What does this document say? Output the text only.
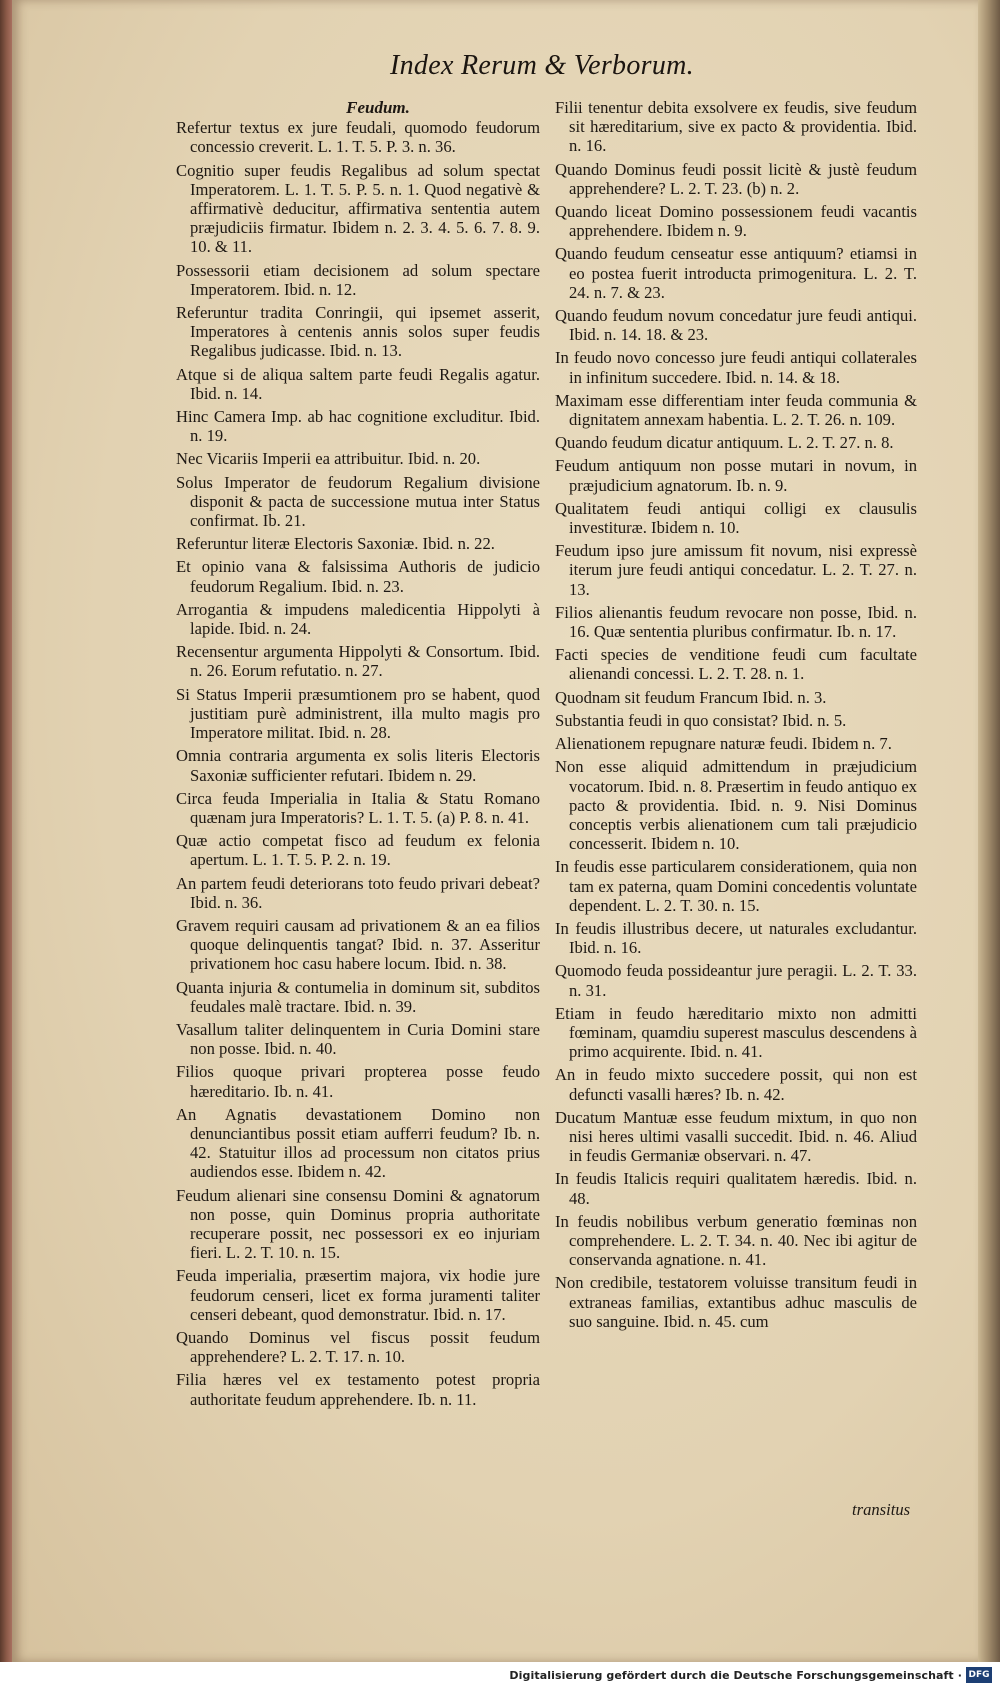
Index Rerum & Verborum.
Feudum.
Refertur textus ex jure feudali, quomodo feudorum concessio creverit. L. 1. T. 5. P. 3. n. 36.
Cognitio super feudis Regalibus ad solum spectat Imperatorem. L. 1. T. 5. P. 5. n. 1. Quod negativè & affirmativè deducitur, affirmativa sententia autem præjudiciis firmatur. Ibidem n. 2. 3. 4. 5. 6. 7. 8. 9. 10. & 11.
Possessorii etiam decisionem ad solum spectare Imperatorem. Ibid. n. 12.
Referuntur tradita Conringii, qui ipsemet asserit, Imperatores à centenis annis solos super feudis Regalibus judicasse. Ibid. n. 13.
Atque si de aliqua saltem parte feudi Regalis agatur. Ibid. n. 14.
Hinc Camera Imp. ab hac cognitione excluditur. Ibid. n. 19.
Nec Vicariis Imperii ea attribuitur. Ibid. n. 20.
Solus Imperator de feudorum Regalium divisione disponit & pacta de successione mutua inter Status confirmat. Ib. 21.
Referuntur literæ Electoris Saxoniæ. Ibid. n. 22.
Et opinio vana & falsissima Authoris de judicio feudorum Regalium. Ibid. n. 23.
Arrogantia & impudens maledicentia Hippolyti à lapide. Ibid. n. 24.
Recensentur argumenta Hippolyti & Consortum. Ibid. n. 26. Eorum refutatio. n. 27.
Si Status Imperii præsumtionem pro se habent, quod justitiam purè administrent, illa multo magis pro Imperatore militat. Ibid. n. 28.
Omnia contraria argumenta ex solis literis Electoris Saxoniæ sufficienter refutari. Ibidem n. 29.
Circa feuda Imperialia in Italia & Statu Romano quænam jura Imperatoris? L. 1. T. 5. (a) P. 8. n. 41.
Quæ actio competat fisco ad feudum ex felonia apertum. L. 1. T. 5. P. 2. n. 19.
An partem feudi deteriorans toto feudo privari debeat? Ibid. n. 36.
Gravem requiri causam ad privationem & an ea filios quoque delinquentis tangat? Ibid. n. 37. Asseritur privationem hoc casu habere locum. Ibid. n. 38.
Quanta injuria & contumelia in dominum sit, subditos feudales malè tractare. Ibid. n. 39.
Vasallum taliter delinquentem in Curia Domini stare non posse. Ibid. n. 40.
Filios quoque privari propterea posse feudo hæreditario. Ib. n. 41.
An Agnatis devastationem Domino non denunciantibus possit etiam aufferri feudum? Ib. n. 42. Statuitur illos ad processum non citatos prius audiendos esse. Ibidem n. 42.
Feudum alienari sine consensu Domini & agnatorum non posse, quin Dominus propria authoritate recuperare possit, nec possessori ex eo injuriam fieri. L. 2. T. 10. n. 15.
Feuda imperialia, præsertim majora, vix hodie jure feudorum censeri, licet ex forma juramenti taliter censeri debeant, quod demonstratur. Ibid. n. 17.
Quando Dominus vel fiscus possit feudum apprehendere? L. 2. T. 17. n. 10.
Filia hæres vel ex testamento potest propria authoritate feudum apprehendere. Ib. n. 11.
Filii tenentur debita exsolvere ex feudis, sive feudum sit hæreditarium, sive ex pacto & providentia. Ibid. n. 16.
Quando Dominus feudi possit licitè & justè feudum apprehendere? L. 2. T. 23. (b) n. 2.
Quando liceat Domino possessionem feudi vacantis apprehendere. Ibidem n. 9.
Quando feudum censeatur esse antiquum? etiamsi in eo postea fuerit introducta primogenitura. L. 2. T. 24. n. 7. & 23.
Quando feudum novum concedatur jure feudi antiqui. Ibid. n. 14. 18. & 23.
In feudo novo concesso jure feudi antiqui collaterales in infinitum succedere. Ibid. n. 14. & 18.
Maximam esse differentiam inter feuda communia & dignitatem annexam habentia. L. 2. T. 26. n. 109.
Quando feudum dicatur antiquum. L. 2. T. 27. n. 8.
Feudum antiquum non posse mutari in novum, in præjudicium agnatorum. Ib. n. 9.
Qualitatem feudi antiqui colligi ex clausulis investituræ. Ibidem n. 10.
Feudum ipso jure amissum fit novum, nisi expressè iterum jure feudi antiqui concedatur. L. 2. T. 27. n. 13.
Filios alienantis feudum revocare non posse, Ibid. n. 16. Quæ sententia pluribus confirmatur. Ib. n. 17.
Facti species de venditione feudi cum facultate alienandi concessi. L. 2. T. 28. n. 1.
Quodnam sit feudum Francum Ibid. n. 3.
Substantia feudi in quo consistat? Ibid. n. 5.
Alienationem repugnare naturæ feudi. Ibidem n. 7.
Non esse aliquid admittendum in præjudicium vocatorum. Ibid. n. 8. Præsertim in feudo antiquo ex pacto & providentia. Ibid. n. 9. Nisi Dominus conceptis verbis alienationem cum tali præjudicio concesserit. Ibidem n. 10.
In feudis esse particularem considerationem, quia non tam ex paterna, quam Domini concedentis voluntate dependent. L. 2. T. 30. n. 15.
In feudis illustribus decere, ut naturales excludantur. Ibid. n. 16.
Quomodo feuda possideantur jure peragii. L. 2. T. 33. n. 31.
Etiam in feudo hæreditario mixto non admitti fœminam, quamdiu superest masculus descendens à primo acquirente. Ibid. n. 41.
An in feudo mixto succedere possit, qui non est defuncti vasalli hæres? Ib. n. 42.
Ducatum Mantuæ esse feudum mixtum, in quo non nisi heres ultimi vasalli succedit. Ibid. n. 46. Aliud in feudis Germaniæ observari. n. 47.
In feudis Italicis requiri qualitatem hæredis. Ibid. n. 48.
In feudis nobilibus verbum generatio fœminas non comprehendere. L. 2. T. 34. n. 40. Nec ibi agitur de conservanda agnatione. n. 41.
Non credibile, testatorem voluisse transitum feudi in extraneas familias, extantibus adhuc masculis de suo sanguine. Ibid. n. 45. cum
transitus
Digitalisierung gefördert durch die Deutsche Forschungsgemeinschaft · DFG
